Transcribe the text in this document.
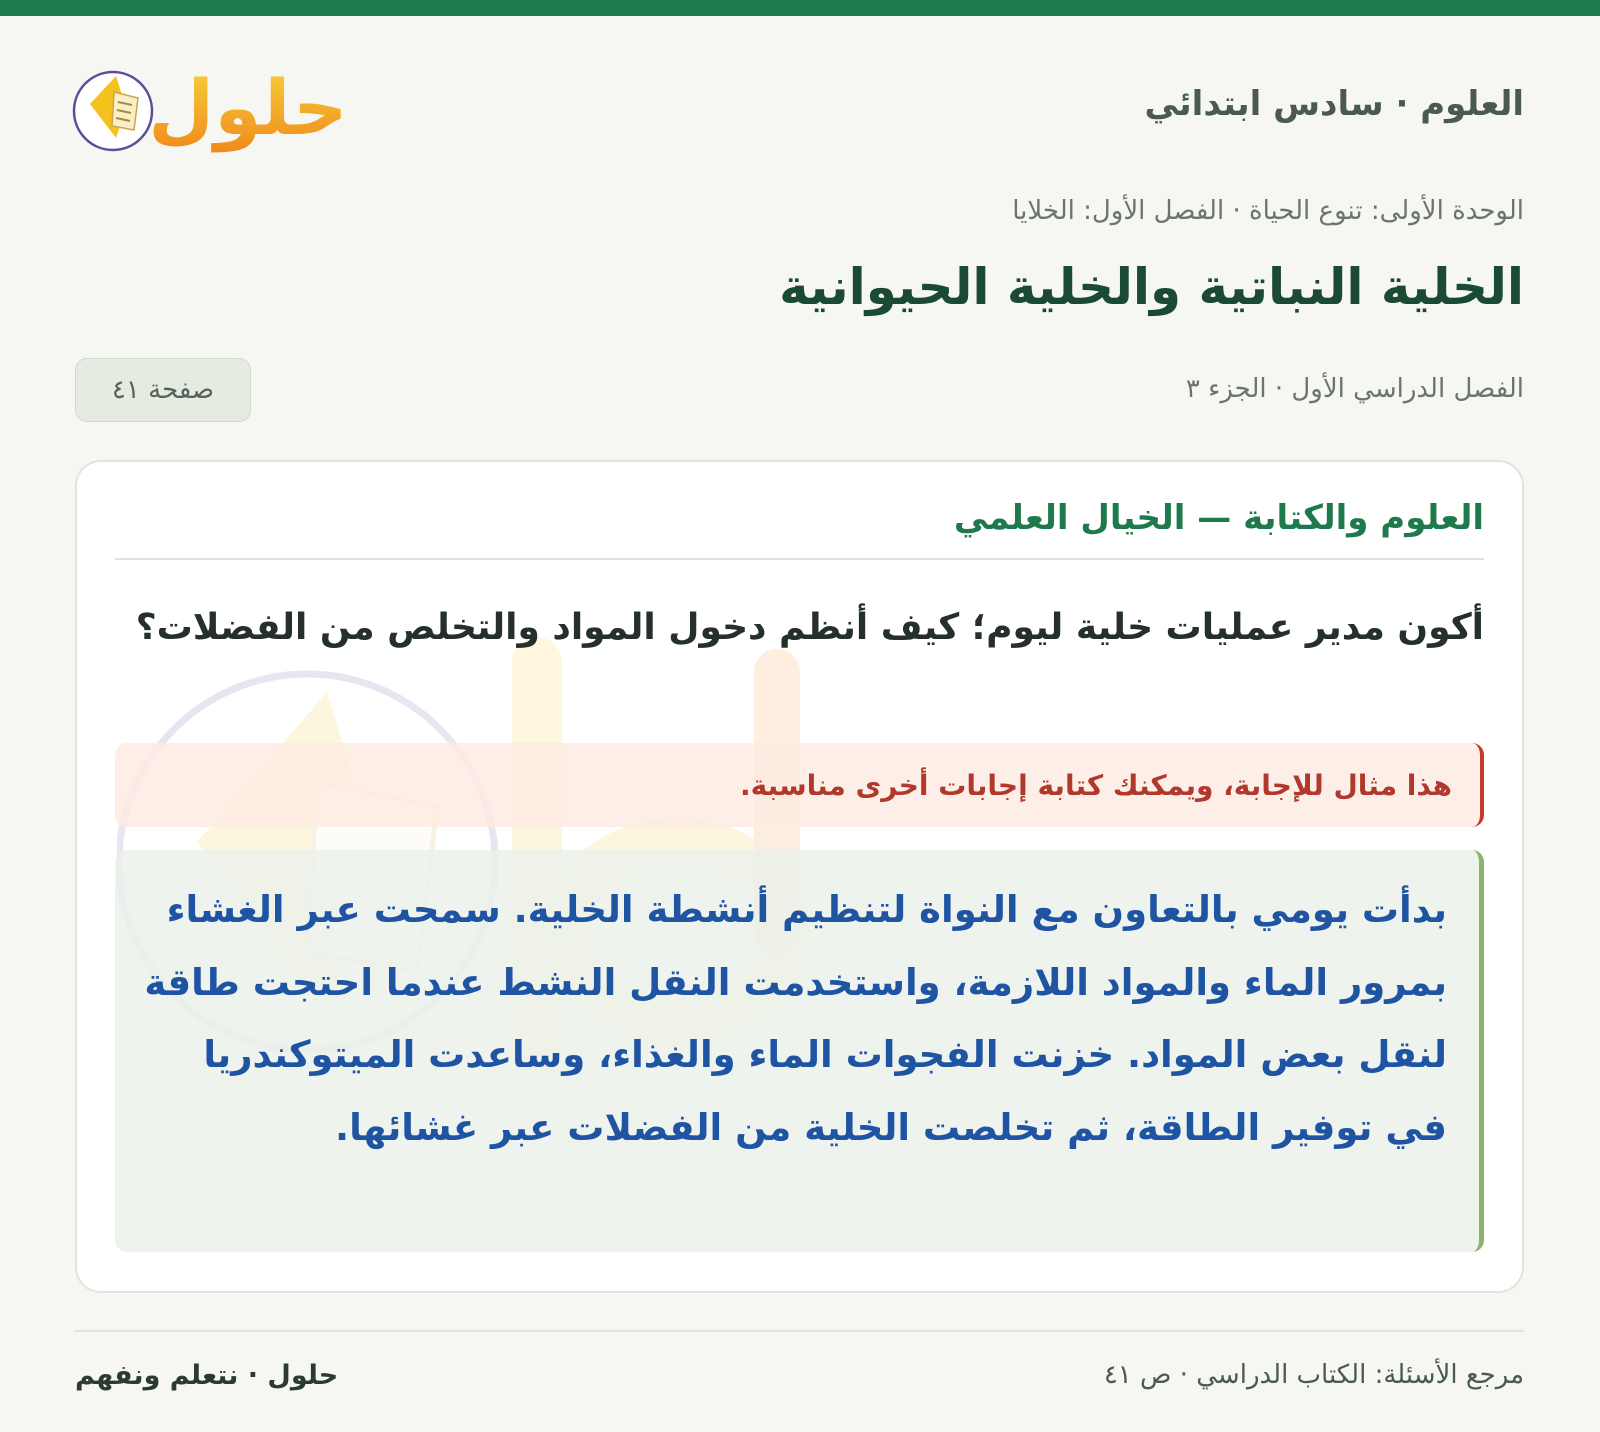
العلوم · سادس ابتدائي
حلول
الوحدة الأولى: تنوع الحياة · الفصل الأول: الخلايا
الخلية النباتية والخلية الحيوانية
الفصل الدراسي الأول · الجزء ٣
صفحة ٤١
العلوم والكتابة — الخيال العلمي

أكون مدير عمليات خلية ليوم؛ كيف أنظم دخول المواد والتخلص من الفضلات؟

هذا مثال للإجابة، ويمكنك كتابة إجابات أخرى مناسبة.

بدأت يومي بالتعاون مع النواة لتنظيم أنشطة الخلية. سمحت عبر الغشاء بمرور الماء والمواد اللازمة، واستخدمت النقل النشط عندما احتجت طاقة لنقل بعض المواد. خزنت الفجوات الماء والغذاء، وساعدت الميتوكندريا في توفير الطاقة، ثم تخلصت الخلية من الفضلات عبر غشائها.

مرجع الأسئلة: الكتاب الدراسي · ص ٤١
حلول · نتعلم ونفهم
